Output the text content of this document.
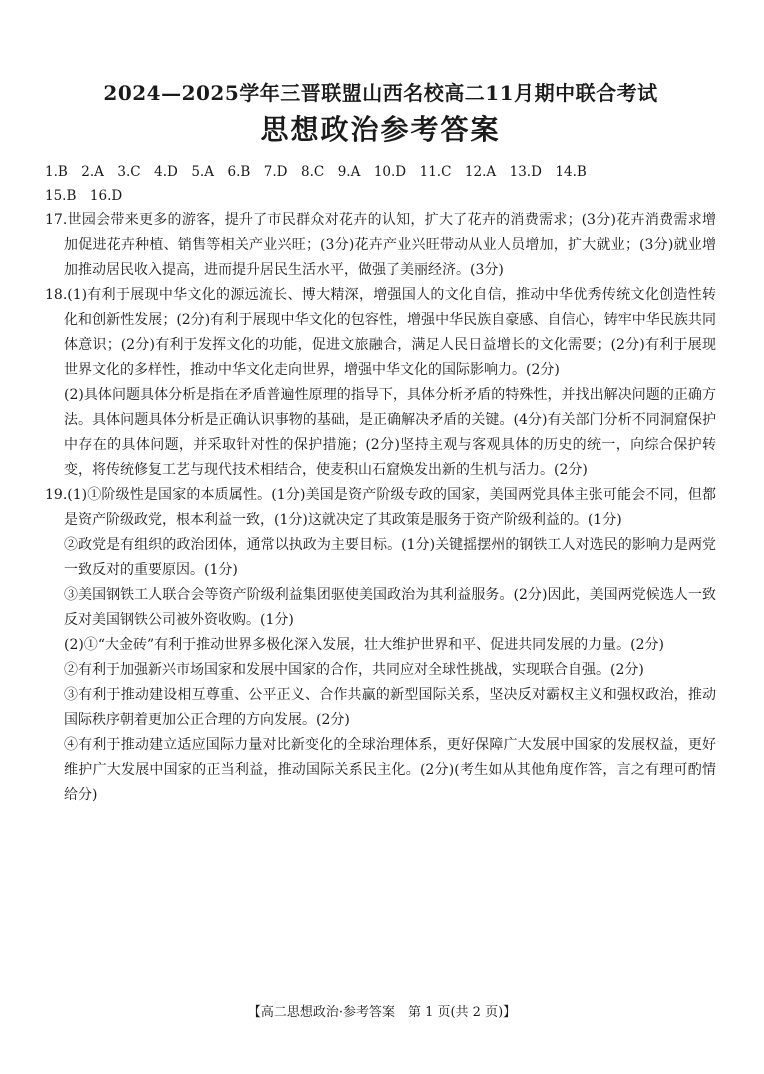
2024—2025学年三晋联盟山西名校高二11月期中联合考试
思想政治参考答案

1.B　2.A　3.C　4.D　5.A　6.B　7.D　8.C　9.A　10.D　11.C　12.A　13.D　14.B

15.B　16.D

17.世园会带来更多的游客，提升了市民群众对花卉的认知，扩大了花卉的消费需求；(3分)花卉消费需求增加促进花卉种植、销售等相关产业兴旺；(3分)花卉产业兴旺带动从业人员增加，扩大就业；(3分)就业增加推动居民收入提高，进而提升居民生活水平，做强了美丽经济。(3分)

18.(1)有利于展现中华文化的源远流长、博大精深，增强国人的文化自信，推动中华优秀传统文化创造性转化和创新性发展；(2分)有利于展现中华文化的包容性，增强中华民族自豪感、自信心，铸牢中华民族共同体意识；(2分)有利于发挥文化的功能，促进文旅融合，满足人民日益增长的文化需要；(2分)有利于展现世界文化的多样性，推动中华文化走向世界，增强中华文化的国际影响力。(2分)

(2)具体问题具体分析是指在矛盾普遍性原理的指导下，具体分析矛盾的特殊性，并找出解决问题的正确方法。具体问题具体分析是正确认识事物的基础，是正确解决矛盾的关键。(4分)有关部门分析不同洞窟保护中存在的具体问题，并采取针对性的保护措施；(2分)坚持主观与客观具体的历史的统一，向综合保护转变，将传统修复工艺与现代技术相结合，使麦积山石窟焕发出新的生机与活力。(2分)

19.(1)①阶级性是国家的本质属性。(1分)美国是资产阶级专政的国家，美国两党具体主张可能会不同，但都是资产阶级政党，根本利益一致，(1分)这就决定了其政策是服务于资产阶级利益的。(1分)

②政党是有组织的政治团体，通常以执政为主要目标。(1分)关键摇摆州的钢铁工人对选民的影响力是两党一致反对的重要原因。(1分)

③美国钢铁工人联合会等资产阶级利益集团驱使美国政治为其利益服务。(2分)因此，美国两党候选人一致反对美国钢铁公司被外资收购。(1分)

(2)①“大金砖”有利于推动世界多极化深入发展，壮大维护世界和平、促进共同发展的力量。(2分)

②有利于加强新兴市场国家和发展中国家的合作，共同应对全球性挑战，实现联合自强。(2分)

③有利于推动建设相互尊重、公平正义、合作共赢的新型国际关系，坚决反对霸权主义和强权政治，推动国际秩序朝着更加公正合理的方向发展。(2分)

④有利于推动建立适应国际力量对比新变化的全球治理体系，更好保障广大发展中国家的发展权益，更好维护广大发展中国家的正当利益，推动国际关系民主化。(2分)(考生如从其他角度作答，言之有理可酌情给分)

【高二思想政治·参考答案　第 1 页(共 2 页)】
